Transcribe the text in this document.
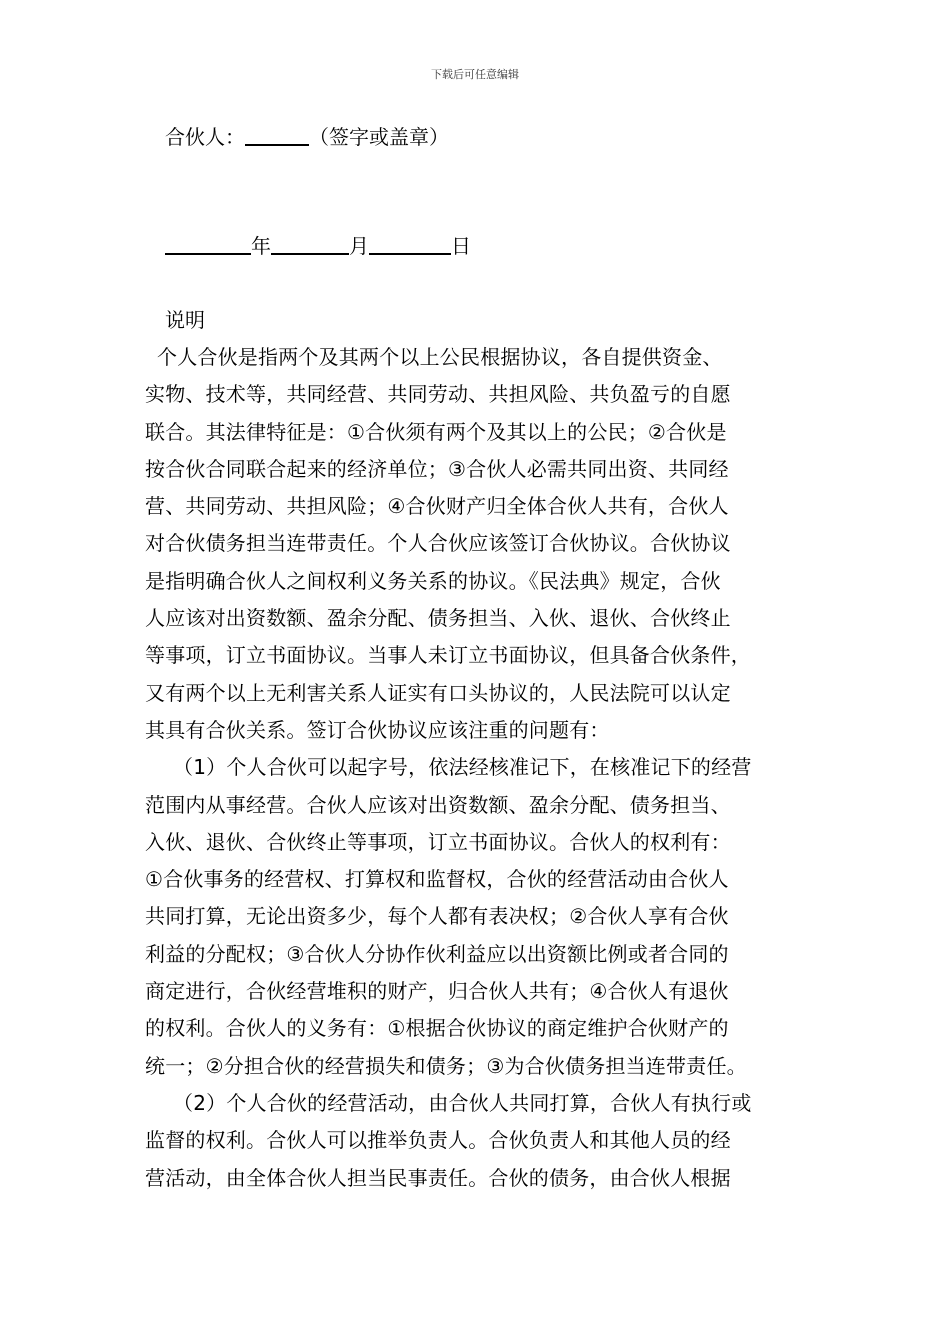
下载后可任意编辑
合伙人：	（签字或盖章）
年	月	日
说明
个人合伙是指两个及其两个以上公民根据协议，各自提供资金、
实物、技术等，共同经营、共同劳动、共担风险、共负盈亏的自愿
联合。其法律特征是：①合伙须有两个及其以上的公民；②合伙是
按合伙合同联合起来的经济单位；③合伙人必需共同出资、共同经
营、共同劳动、共担风险；④合伙财产归全体合伙人共有，合伙人
对合伙债务担当连带责任。个人合伙应该签订合伙协议。合伙协议
是指明确合伙人之间权利义务关系的协议。《民法典》规定，合伙
人应该对出资数额、盈余分配、债务担当、入伙、退伙、合伙终止
等事项，订立书面协议。当事人未订立书面协议，但具备合伙条件，
又有两个以上无利害关系人证实有口头协议的，人民法院可以认定
其具有合伙关系。签订合伙协议应该注重的问题有：
（1）个人合伙可以起字号，依法经核准记下，在核准记下的经营
范围内从事经营。合伙人应该对出资数额、盈余分配、债务担当、
入伙、退伙、合伙终止等事项，订立书面协议。合伙人的权利有：
①合伙事务的经营权、打算权和监督权，合伙的经营活动由合伙人
共同打算，无论出资多少，每个人都有表决权；②合伙人享有合伙
利益的分配权；③合伙人分协作伙利益应以出资额比例或者合同的
商定进行，合伙经营堆积的财产，归合伙人共有；④合伙人有退伙
的权利。合伙人的义务有：①根据合伙协议的商定维护合伙财产的
统一；②分担合伙的经营损失和债务；③为合伙债务担当连带责任。
（2）个人合伙的经营活动，由合伙人共同打算，合伙人有执行或
监督的权利。合伙人可以推举负责人。合伙负责人和其他人员的经
营活动，由全体合伙人担当民事责任。合伙的债务，由合伙人根据
